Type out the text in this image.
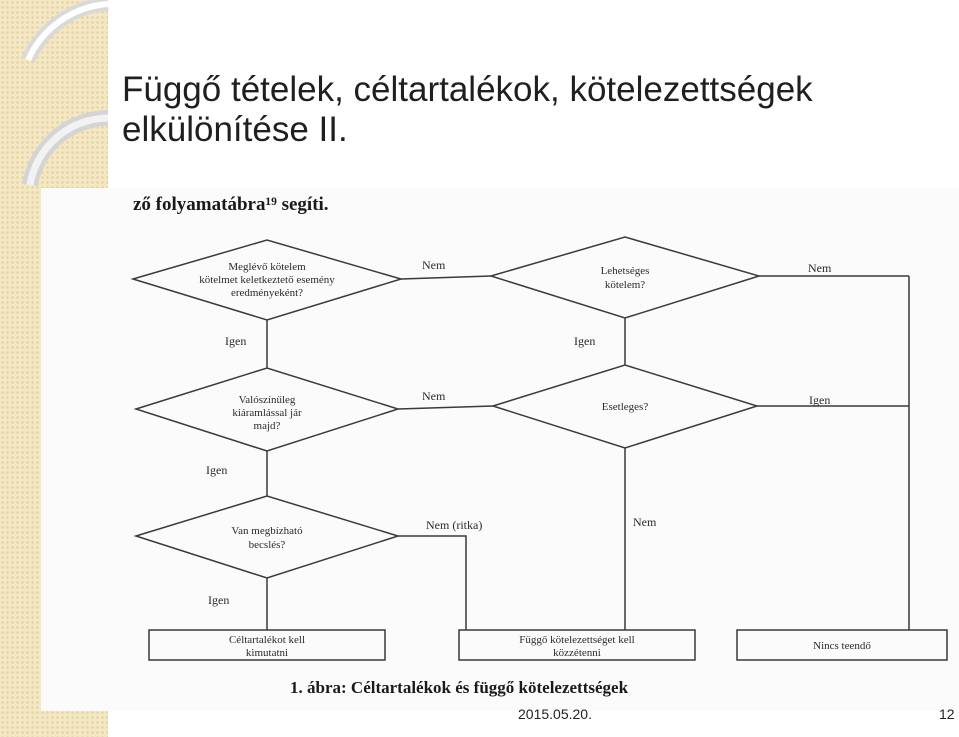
Függő tételek, céltartalékok, kötelezettségek
elkülönítése II.
ző folyamatábra¹⁹ segíti.
Meglévő kötelem
kötelmet keletkeztető esemény
eredményeként?
Lehetséges
kötelem?
Valószínűleg
kiáramlással jár
majd?
Esetleges?
Van megbízható
becslés?
Céltartalékot kell
kimutatni
Függő kötelezettséget kell
közzétenni
Nincs teendő
Nem
Igen
Nem
Igen
Nem	Igen
Igen
Nem (ritka)	Nem
Igen
1. ábra: Céltartalékok és függő kötelezettségek
2015.05.20.	12
